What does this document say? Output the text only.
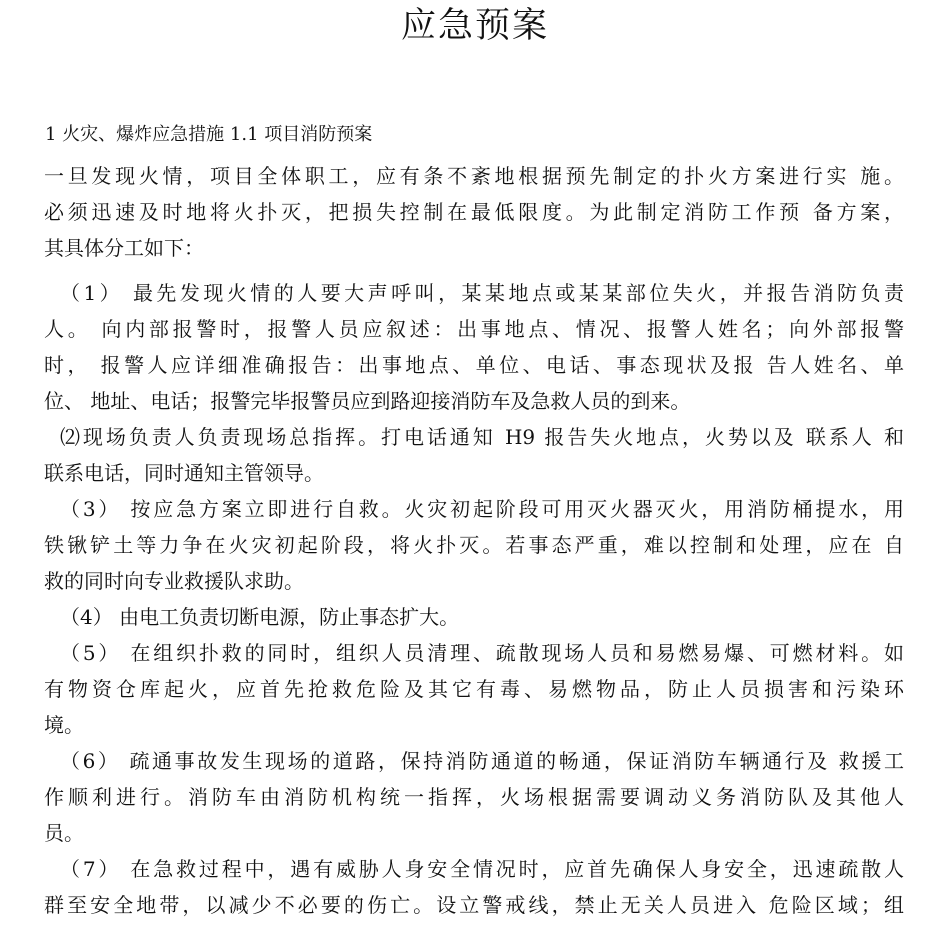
应急预案
1 火灾、爆炸应急措施 1.1 项目消防预案

一旦发现火情，项目全体职工，应有条不紊地根据预先制定的扑火方案进行实 施。
必须迅速及时地将火扑灭，把损失控制在最低限度。为此制定消防工作预 备方案，
其具体分工如下：

（1） 最先发现火情的人要大声呼叫，某某地点或某某部位失火，并报告消防负责
人。 向内部报警时，报警人员应叙述：出事地点、情况、报警人姓名；向外部报警
时， 报警人应详细准确报告：出事地点、单位、电话、事态现状及报 告人姓名、单
位、 地址、电话；报警完毕报警员应到路迎接消防车及急救人员的到来。

⑵现场负责人负责现场总指挥。打电话通知 H9 报告失火地点，火势以及 联系人 和
联系电话，同时通知主管领导。

（3） 按应急方案立即进行自救。火灾初起阶段可用灭火器灭火，用消防桶提水，用
铁锹铲土等力争在火灾初起阶段，将火扑灭。若事态严重，难以控制和处理，应在 自
救的同时向专业救援队求助。

（4） 由电工负责切断电源，防止事态扩大。

（5） 在组织扑救的同时，组织人员清理、疏散现场人员和易燃易爆、可燃材料。如
有物资仓库起火，应首先抢救危险及其它有毒、易燃物品，防止人员损害和污染环
境。

（6） 疏通事故发生现场的道路，保持消防通道的畅通，保证消防车辆通行及 救援工
作顺利进行。消防车由消防机构统一指挥，火场根据需要调动义务消防队及其他人
员。

（7） 在急救过程中，遇有威胁人身安全情况时，应首先确保人身安全，迅速疏散人
群至安全地带，以减少不必要的伤亡。设立警戒线，禁止无关人员进入 危险区域；组
